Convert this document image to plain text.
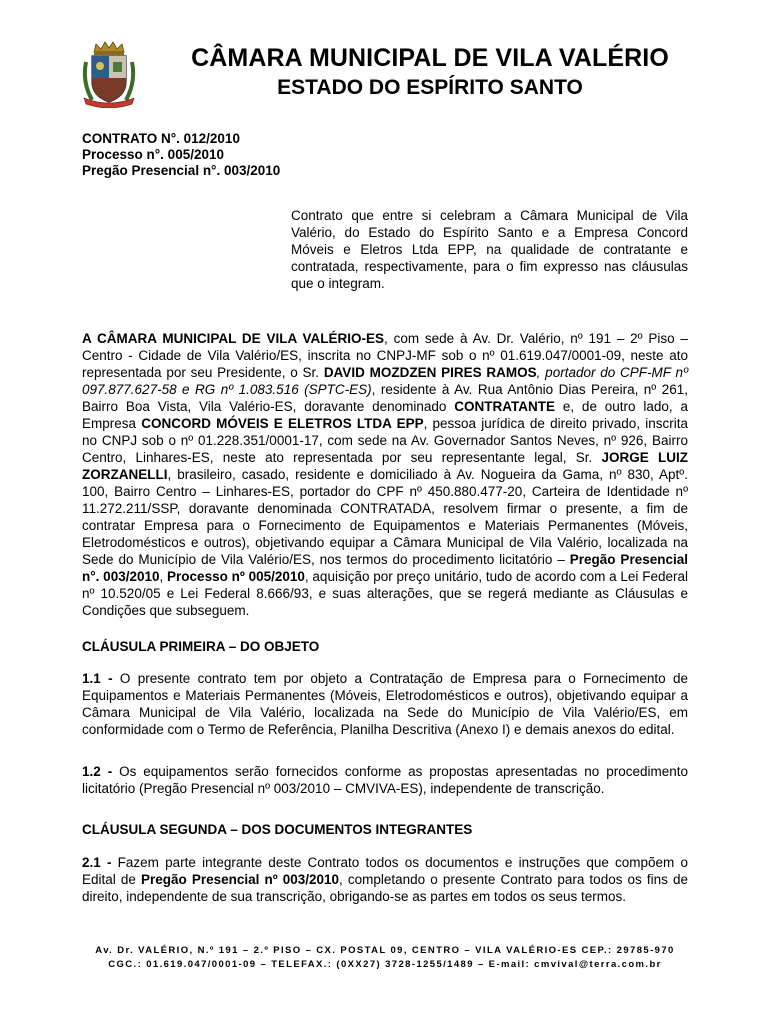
CÂMARA MUNICIPAL DE VILA VALÉRIO
ESTADO DO ESPÍRITO SANTO
CONTRATO N°. 012/2010
Processo n°. 005/2010
Pregão Presencial n°. 003/2010
Contrato que entre si celebram a Câmara Municipal de Vila Valério, do Estado do Espírito Santo e a Empresa Concord Móveis e Eletros Ltda EPP, na qualidade de contratante e contratada, respectivamente, para o fim expresso nas cláusulas que o integram.
A CÂMARA MUNICIPAL DE VILA VALÉRIO-ES, com sede à Av. Dr. Valério, nº 191 – 2º Piso – Centro - Cidade de Vila Valério/ES, inscrita no CNPJ-MF sob o nº 01.619.047/0001-09, neste ato representada por seu Presidente, o Sr. DAVID MOZDZEN PIRES RAMOS, portador do CPF-MF nº 097.877.627-58 e RG nº 1.083.516 (SPTC-ES), residente à Av. Rua Antônio Dias Pereira, nº 261, Bairro Boa Vista, Vila Valério-ES, doravante denominado CONTRATANTE e, de outro lado, a Empresa CONCORD MÓVEIS E ELETROS LTDA EPP, pessoa jurídica de direito privado, inscrita no CNPJ sob o nº 01.228.351/0001-17, com sede na Av. Governador Santos Neves, nº 926, Bairro Centro, Linhares-ES, neste ato representada por seu representante legal, Sr. JORGE LUIZ ZORZANELLI, brasileiro, casado, residente e domiciliado à Av. Nogueira da Gama, nº 830, Aptº. 100, Bairro Centro – Linhares-ES, portador do CPF nº 450.880.477-20, Carteira de Identidade nº 11.272.211/SSP, doravante denominada CONTRATADA, resolvem firmar o presente, a fim de contratar Empresa para o Fornecimento de Equipamentos e Materiais Permanentes (Móveis, Eletrodomésticos e outros), objetivando equipar a Câmara Municipal de Vila Valério, localizada na Sede do Município de Vila Valério/ES, nos termos do procedimento licitatório – Pregão Presencial n°. 003/2010, Processo nº 005/2010, aquisição por preço unitário, tudo de acordo com a Lei Federal nº 10.520/05 e Lei Federal 8.666/93, e suas alterações, que se regerá mediante as Cláusulas e Condições que subseguem.
CLÁUSULA PRIMEIRA – DO OBJETO
1.1 - O presente contrato tem por objeto a Contratação de Empresa para o Fornecimento de Equipamentos e Materiais Permanentes (Móveis, Eletrodomésticos e outros), objetivando equipar a Câmara Municipal de Vila Valério, localizada na Sede do Município de Vila Valério/ES, em conformidade com o Termo de Referência, Planilha Descritiva (Anexo I) e demais anexos do edital.
1.2 - Os equipamentos serão fornecidos conforme as propostas apresentadas no procedimento licitatório (Pregão Presencial nº 003/2010 – CMVIVA-ES), independente de transcrição.
CLÁUSULA SEGUNDA – DOS DOCUMENTOS INTEGRANTES
2.1 - Fazem parte integrante deste Contrato todos os documentos e instruções que compõem o Edital de Pregão Presencial nº 003/2010, completando o presente Contrato para todos os fins de direito, independente de sua transcrição, obrigando-se as partes em todos os seus termos.
Av. Dr. VALÉRIO, N.º 191 – 2.º PISO – CX. POSTAL 09, CENTRO – VILA VALÉRIO-ES CEP.: 29785-970
CGC.: 01.619.047/0001-09 – TELEFAX.: (0XX27) 3728-1255/1489 – E-mail: cmvival@terra.com.br
